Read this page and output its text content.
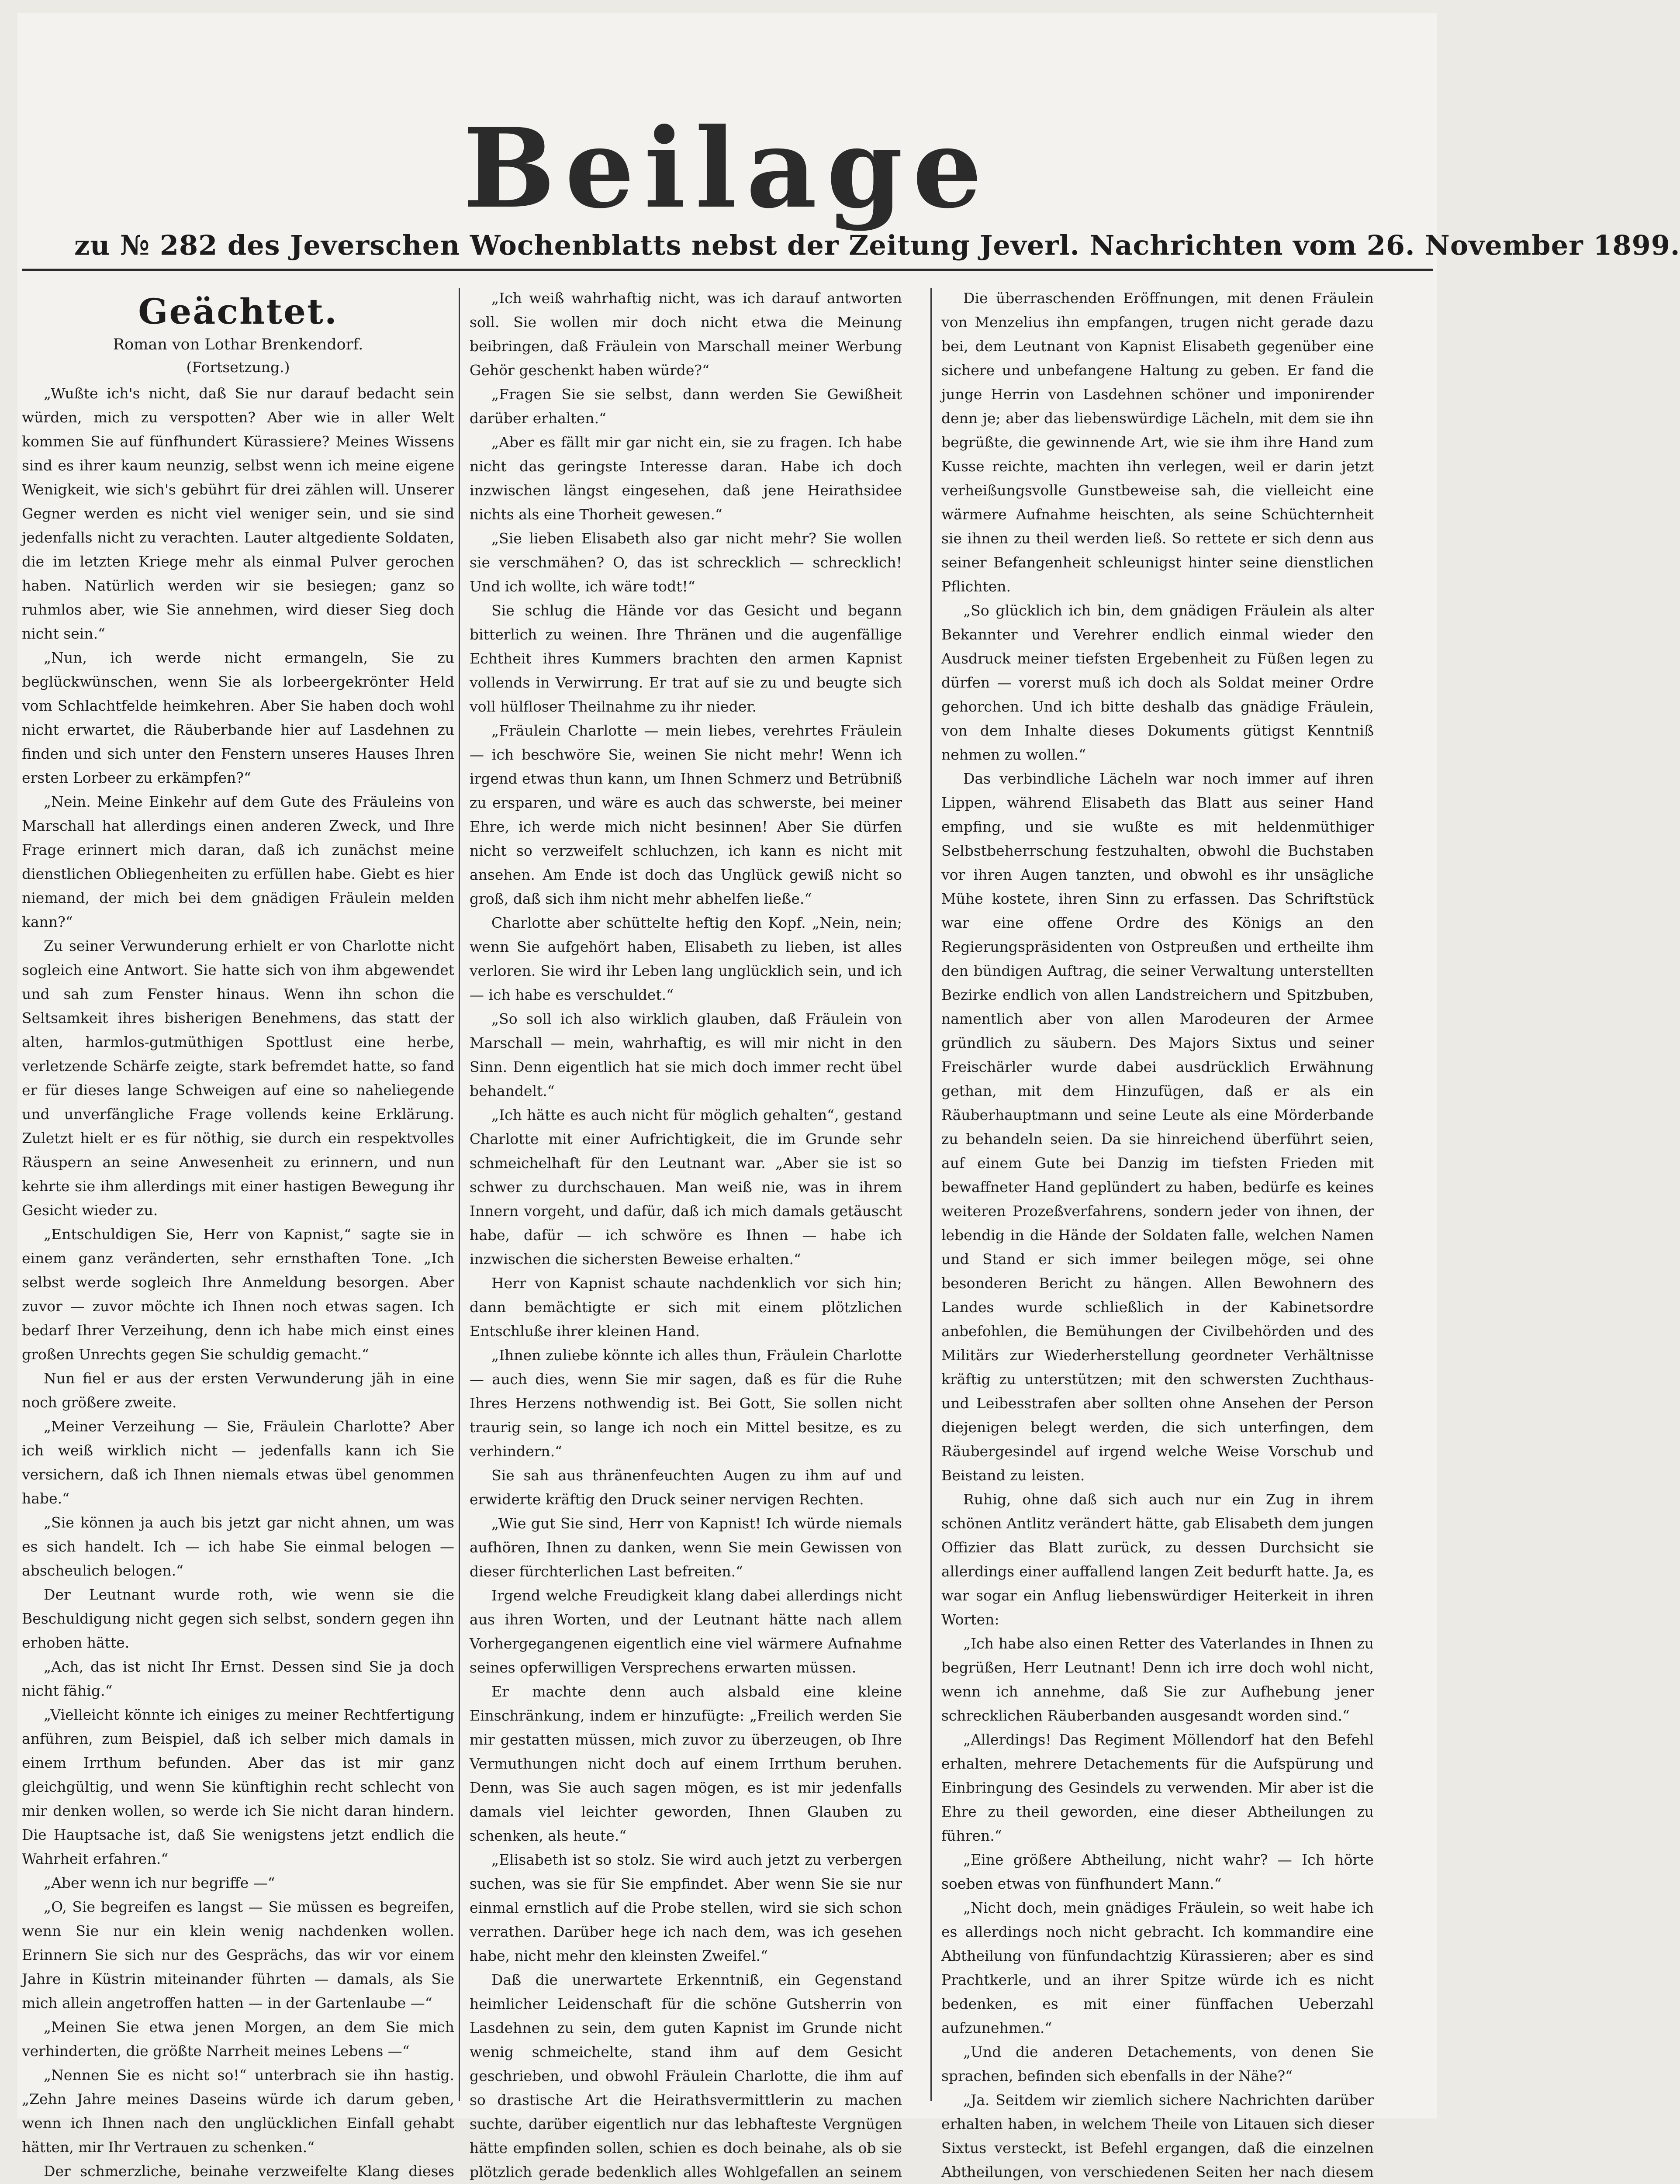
Beilage
zu № 282 des Jeverschen Wochenblatts nebst der Zeitung Jeverl. Nachrichten vom 26. November 1899.
Geächtet.
Roman von Lothar Brenkendorf.
(Fortsetzung.)

„Wußte ich's nicht, daß Sie nur darauf bedacht sein würden, mich zu verspotten? Aber wie in aller Welt kommen Sie auf fünfhundert Kürassiere? Meines Wissens sind es ihrer kaum neunzig, selbst wenn ich meine eigene Wenigkeit, wie sich's gebührt für drei zählen will. Unserer Gegner werden es nicht viel weniger sein, und sie sind jedenfalls nicht zu verachten. Lauter altgediente Soldaten, die im letzten Kriege mehr als einmal Pulver gerochen haben. Natürlich werden wir sie besiegen; ganz so ruhmlos aber, wie Sie annehmen, wird dieser Sieg doch nicht sein.“

„Nun, ich werde nicht ermangeln, Sie zu beglückwünschen, wenn Sie als lorbeergekrönter Held vom Schlachtfelde heimkehren. Aber Sie haben doch wohl nicht erwartet, die Räuberbande hier auf Lasdehnen zu finden und sich unter den Fenstern unseres Hauses Ihren ersten Lorbeer zu erkämpfen?“

„Nein. Meine Einkehr auf dem Gute des Fräuleins von Marschall hat allerdings einen anderen Zweck, und Ihre Frage erinnert mich daran, daß ich zunächst meine dienstlichen Obliegenheiten zu erfüllen habe. Giebt es hier niemand, der mich bei dem gnädigen Fräulein melden kann?“

Zu seiner Verwunderung erhielt er von Charlotte nicht sogleich eine Antwort. Sie hatte sich von ihm abgewendet und sah zum Fenster hinaus. Wenn ihn schon die Seltsamkeit ihres bisherigen Benehmens, das statt der alten, harmlos-gutmüthigen Spottlust eine herbe, verletzende Schärfe zeigte, stark befremdet hatte, so fand er für dieses lange Schweigen auf eine so naheliegende und unverfängliche Frage vollends keine Erklärung. Zuletzt hielt er es für nöthig, sie durch ein respektvolles Räuspern an seine Anwesenheit zu erinnern, und nun kehrte sie ihm allerdings mit einer hastigen Bewegung ihr Gesicht wieder zu.

„Entschuldigen Sie, Herr von Kapnist,“ sagte sie in einem ganz veränderten, sehr ernsthaften Tone. „Ich selbst werde sogleich Ihre Anmeldung besorgen. Aber zuvor — zuvor möchte ich Ihnen noch etwas sagen. Ich bedarf Ihrer Verzeihung, denn ich habe mich einst eines großen Unrechts gegen Sie schuldig gemacht.“

Nun fiel er aus der ersten Verwunderung jäh in eine noch größere zweite.

„Meiner Verzeihung — Sie, Fräulein Charlotte? Aber ich weiß wirklich nicht — jedenfalls kann ich Sie versichern, daß ich Ihnen niemals etwas übel genommen habe.“

„Sie können ja auch bis jetzt gar nicht ahnen, um was es sich handelt. Ich — ich habe Sie einmal belogen — abscheulich belogen.“

Der Leutnant wurde roth, wie wenn sie die Beschuldigung nicht gegen sich selbst, sondern gegen ihn erhoben hätte.

„Ach, das ist nicht Ihr Ernst. Dessen sind Sie ja doch nicht fähig.“

„Vielleicht könnte ich einiges zu meiner Rechtfertigung anführen, zum Beispiel, daß ich selber mich damals in einem Irrthum befunden. Aber das ist mir ganz gleichgültig, und wenn Sie künftighin recht schlecht von mir denken wollen, so werde ich Sie nicht daran hindern. Die Hauptsache ist, daß Sie wenigstens jetzt endlich die Wahrheit erfahren.“

„Aber wenn ich nur begriffe —“

„O, Sie begreifen es langst — Sie müssen es begreifen, wenn Sie nur ein klein wenig nachdenken wollen. Erinnern Sie sich nur des Gesprächs, das wir vor einem Jahre in Küstrin miteinander führten — damals, als Sie mich allein angetroffen hatten — in der Gartenlaube —“

„Meinen Sie etwa jenen Morgen, an dem Sie mich verhinderten, die größte Narrheit meines Lebens —“

„Nennen Sie es nicht so!“ unterbrach sie ihn hastig. „Zehn Jahre meines Daseins würde ich darum geben, wenn ich Ihnen nach den unglücklichen Einfall gehabt hätten, mir Ihr Vertrauen zu schenken.“

Der schmerzliche, beinahe verzweifelte Klang dieses

„Ich weiß wahrhaftig nicht, was ich darauf antworten soll. Sie wollen mir doch nicht etwa die Meinung beibringen, daß Fräulein von Marschall meiner Werbung Gehör geschenkt haben würde?“

„Fragen Sie sie selbst, dann werden Sie Gewißheit darüber erhalten.“

„Aber es fällt mir gar nicht ein, sie zu fragen. Ich habe nicht das geringste Interesse daran. Habe ich doch inzwischen längst eingesehen, daß jene Heirathsidee nichts als eine Thorheit gewesen.“

„Sie lieben Elisabeth also gar nicht mehr? Sie wollen sie verschmähen? O, das ist schrecklich — schrecklich! Und ich wollte, ich wäre todt!“

Sie schlug die Hände vor das Gesicht und begann bitterlich zu weinen. Ihre Thränen und die augenfällige Echtheit ihres Kummers brachten den armen Kapnist vollends in Verwirrung. Er trat auf sie zu und beugte sich voll hülfloser Theilnahme zu ihr nieder.

„Fräulein Charlotte — mein liebes, verehrtes Fräulein — ich beschwöre Sie, weinen Sie nicht mehr! Wenn ich irgend etwas thun kann, um Ihnen Schmerz und Betrübniß zu ersparen, und wäre es auch das schwerste, bei meiner Ehre, ich werde mich nicht besinnen! Aber Sie dürfen nicht so verzweifelt schluchzen, ich kann es nicht mit ansehen. Am Ende ist doch das Unglück gewiß nicht so groß, daß sich ihm nicht mehr abhelfen ließe.“

Charlotte aber schüttelte heftig den Kopf. „Nein, nein; wenn Sie aufgehört haben, Elisabeth zu lieben, ist alles verloren. Sie wird ihr Leben lang unglücklich sein, und ich — ich habe es verschuldet.“

„So soll ich also wirklich glauben, daß Fräulein von Marschall — mein, wahrhaftig, es will mir nicht in den Sinn. Denn eigentlich hat sie mich doch immer recht übel behandelt.“

„Ich hätte es auch nicht für möglich gehalten“, gestand Charlotte mit einer Aufrichtigkeit, die im Grunde sehr schmeichelhaft für den Leutnant war. „Aber sie ist so schwer zu durchschauen. Man weiß nie, was in ihrem Innern vorgeht, und dafür, daß ich mich damals getäuscht habe, dafür — ich schwöre es Ihnen — habe ich inzwischen die sichersten Beweise erhalten.“

Herr von Kapnist schaute nachdenklich vor sich hin; dann bemächtigte er sich mit einem plötzlichen Entschluße ihrer kleinen Hand.

„Ihnen zuliebe könnte ich alles thun, Fräulein Charlotte — auch dies, wenn Sie mir sagen, daß es für die Ruhe Ihres Herzens nothwendig ist. Bei Gott, Sie sollen nicht traurig sein, so lange ich noch ein Mittel besitze, es zu verhindern.“

Sie sah aus thränenfeuchten Augen zu ihm auf und erwiderte kräftig den Druck seiner nervigen Rechten.

„Wie gut Sie sind, Herr von Kapnist! Ich würde niemals aufhören, Ihnen zu danken, wenn Sie mein Gewissen von dieser fürchterlichen Last befreiten.“

Irgend welche Freudigkeit klang dabei allerdings nicht aus ihren Worten, und der Leutnant hätte nach allem Vorhergegangenen eigentlich eine viel wärmere Aufnahme seines opferwilligen Versprechens erwarten müssen.

Er machte denn auch alsbald eine kleine Einschränkung, indem er hinzufügte: „Freilich werden Sie mir gestatten müssen, mich zuvor zu überzeugen, ob Ihre Vermuthungen nicht doch auf einem Irrthum beruhen. Denn, was Sie auch sagen mögen, es ist mir jedenfalls damals viel leichter geworden, Ihnen Glauben zu schenken, als heute.“

„Elisabeth ist so stolz. Sie wird auch jetzt zu verbergen suchen, was sie für Sie empfindet. Aber wenn Sie sie nur einmal ernstlich auf die Probe stellen, wird sie sich schon verrathen. Darüber hege ich nach dem, was ich gesehen habe, nicht mehr den kleinsten Zweifel.“

Daß die unerwartete Erkenntniß, ein Gegenstand heimlicher Leidenschaft für die schöne Gutsherrin von Lasdehnen zu sein, dem guten Kapnist im Grunde nicht wenig schmeichelte, stand ihm auf dem Gesicht geschrieben, und obwohl Fräulein Charlotte, die ihm auf so drastische Art die Heirathsvermittlerin zu machen suchte, darüber eigentlich nur das lebhafteste Vergnügen hätte empfinden sollen, schien es doch beinahe, als ob sie plötzlich gerade bedenklich alles Wohlgefallen an seinem

Die überraschenden Eröffnungen, mit denen Fräulein von Menzelius ihn empfangen, trugen nicht gerade dazu bei, dem Leutnant von Kapnist Elisabeth gegenüber eine sichere und unbefangene Haltung zu geben. Er fand die junge Herrin von Lasdehnen schöner und imponirender denn je; aber das liebenswürdige Lächeln, mit dem sie ihn begrüßte, die gewinnende Art, wie sie ihm ihre Hand zum Kusse reichte, machten ihn verlegen, weil er darin jetzt verheißungsvolle Gunstbeweise sah, die vielleicht eine wärmere Aufnahme heischten, als seine Schüchternheit sie ihnen zu theil werden ließ. So rettete er sich denn aus seiner Befangenheit schleunigst hinter seine dienstlichen Pflichten.

„So glücklich ich bin, dem gnädigen Fräulein als alter Bekannter und Verehrer endlich einmal wieder den Ausdruck meiner tiefsten Ergebenheit zu Füßen legen zu dürfen — vorerst muß ich doch als Soldat meiner Ordre gehorchen. Und ich bitte deshalb das gnädige Fräulein, von dem Inhalte dieses Dokuments gütigst Kenntniß nehmen zu wollen.“

Das verbindliche Lächeln war noch immer auf ihren Lippen, während Elisabeth das Blatt aus seiner Hand empfing, und sie wußte es mit heldenmüthiger Selbstbeherrschung festzuhalten, obwohl die Buchstaben vor ihren Augen tanzten, und obwohl es ihr unsägliche Mühe kostete, ihren Sinn zu erfassen. Das Schriftstück war eine offene Ordre des Königs an den Regierungspräsidenten von Ostpreußen und ertheilte ihm den bündigen Auftrag, die seiner Verwaltung unterstellten Bezirke endlich von allen Landstreichern und Spitzbuben, namentlich aber von allen Marodeuren der Armee gründlich zu säubern. Des Majors Sixtus und seiner Freischärler wurde dabei ausdrücklich Erwähnung gethan, mit dem Hinzufügen, daß er als ein Räuberhauptmann und seine Leute als eine Mörderbande zu behandeln seien. Da sie hinreichend überführt seien, auf einem Gute bei Danzig im tiefsten Frieden mit bewaffneter Hand geplündert zu haben, bedürfe es keines weiteren Prozeßverfahrens, sondern jeder von ihnen, der lebendig in die Hände der Soldaten falle, welchen Namen und Stand er sich immer beilegen möge, sei ohne besonderen Bericht zu hängen. Allen Bewohnern des Landes wurde schließlich in der Kabinetsordre anbefohlen, die Bemühungen der Civilbehörden und des Militärs zur Wiederherstellung geordneter Verhältnisse kräftig zu unterstützen; mit den schwersten Zuchthaus- und Leibesstrafen aber sollten ohne Ansehen der Person diejenigen belegt werden, die sich unterfingen, dem Räubergesindel auf irgend welche Weise Vorschub und Beistand zu leisten.

Ruhig, ohne daß sich auch nur ein Zug in ihrem schönen Antlitz verändert hätte, gab Elisabeth dem jungen Offizier das Blatt zurück, zu dessen Durchsicht sie allerdings einer auffallend langen Zeit bedurft hatte. Ja, es war sogar ein Anflug liebenswürdiger Heiterkeit in ihren Worten:

„Ich habe also einen Retter des Vaterlandes in Ihnen zu begrüßen, Herr Leutnant! Denn ich irre doch wohl nicht, wenn ich annehme, daß Sie zur Aufhebung jener schrecklichen Räuberbanden ausgesandt worden sind.“

„Allerdings! Das Regiment Möllendorf hat den Befehl erhalten, mehrere Detachements für die Aufspürung und Einbringung des Gesindels zu verwenden. Mir aber ist die Ehre zu theil geworden, eine dieser Abtheilungen zu führen.“

„Eine größere Abtheilung, nicht wahr? — Ich hörte soeben etwas von fünfhundert Mann.“

„Nicht doch, mein gnädiges Fräulein, so weit habe ich es allerdings noch nicht gebracht. Ich kommandire eine Abtheilung von fünfundachtzig Kürassieren; aber es sind Prachtkerle, und an ihrer Spitze würde ich es nicht bedenken, es mit einer fünffachen Ueberzahl aufzunehmen.“

„Und die anderen Detachements, von denen Sie sprachen, befinden sich ebenfalls in der Nähe?“

„Ja. Seitdem wir ziemlich sichere Nachrichten darüber erhalten haben, in welchem Theile von Litauen sich dieser Sixtus versteckt, ist Befehl ergangen, daß die einzelnen Abtheilungen, von verschiedenen Seiten her nach diesem
